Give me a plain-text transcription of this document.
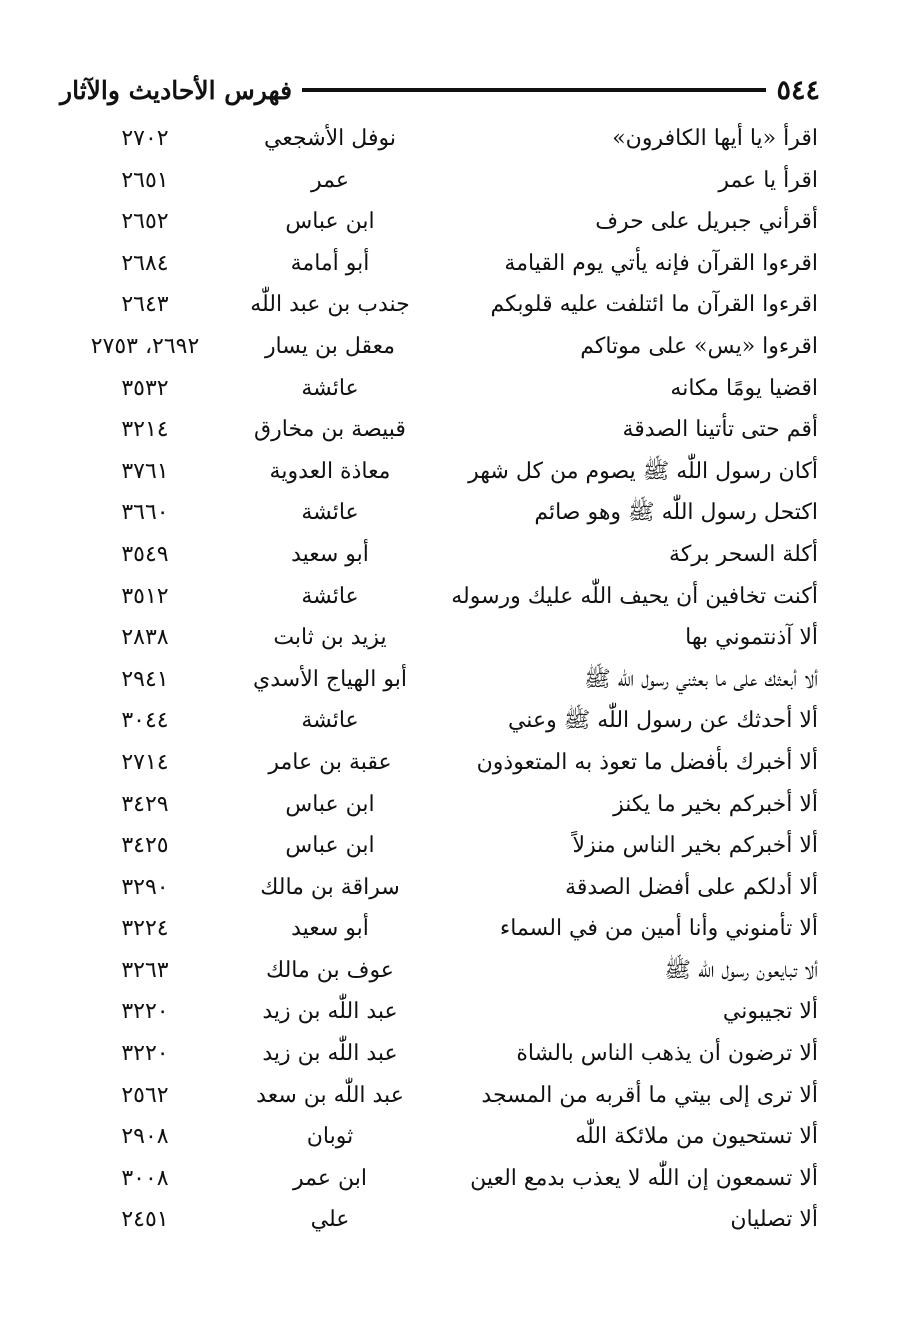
٥٤٤
فهرس الأحاديث والآثار
اقرأ «يا أيها الكافرون»
نوفل الأشجعي
٢٧٠٢
اقرأ يا عمر
عمر
٢٦٥١
أقرأني جبريل على حرف
ابن عباس
٢٦٥٢
اقرءوا القرآن فإنه يأتي يوم القيامة
أبو أمامة
٢٦٨٤
اقرءوا القرآن ما ائتلفت عليه قلوبكم
جندب بن عبد اللّٰه
٢٦٤٣
اقرءوا «يس» على موتاكم
معقل بن يسار
٢٦٩٢، ٢٧٥٣
اقضيا يومًا مكانه
عائشة
٣٥٣٢
أقم حتى تأتينا الصدقة
قبيصة بن مخارق
٣٢١٤
أكان رسول اللّٰه ﷺ يصوم من كل شهر
معاذة العدوية
٣٧٦١
اكتحل رسول اللّٰه ﷺ وهو صائم
عائشة
٣٦٦٠
أكلة السحر بركة
أبو سعيد
٣٥٤٩
أكنت تخافين أن يحيف اللّٰه عليك ورسوله
عائشة
٣٥١٢
ألا آذنتموني بها
يزيد بن ثابت
٢٨٣٨
ألا أبعثك على ما بعثني رسول اللّٰه ﷺ
أبو الهياج الأسدي
٢٩٤١
ألا أحدثك عن رسول اللّٰه ﷺ وعني
عائشة
٣٠٤٤
ألا أخبرك بأفضل ما تعوذ به المتعوذون
عقبة بن عامر
٢٧١٤
ألا أخبركم بخير ما يكنز
ابن عباس
٣٤٢٩
ألا أخبركم بخير الناس منزلاً
ابن عباس
٣٤٢٥
ألا أدلكم على أفضل الصدقة
سراقة بن مالك
٣٢٩٠
ألا تأمنوني وأنا أمين من في السماء
أبو سعيد
٣٢٢٤
ألا تبايعون رسول اللّٰه ﷺ
عوف بن مالك
٣٢٦٣
ألا تجيبوني
عبد اللّٰه بن زيد
٣٢٢٠
ألا ترضون أن يذهب الناس بالشاة
عبد اللّٰه بن زيد
٣٢٢٠
ألا ترى إلى بيتي ما أقربه من المسجد
عبد اللّٰه بن سعد
٢٥٦٢
ألا تستحيون من ملائكة اللّٰه
ثوبان
٢٩٠٨
ألا تسمعون إن اللّٰه لا يعذب بدمع العين
ابن عمر
٣٠٠٨
ألا تصليان
علي
٢٤٥١
